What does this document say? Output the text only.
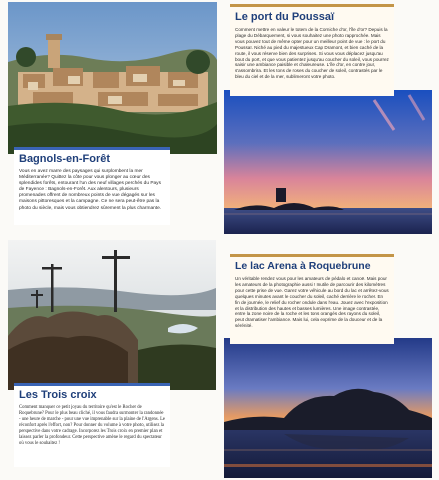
Bagnols-en-Forêt

Vous en avez marre des paysages qui surplombent la mer Méditerranée? Quittez la côte pour vous plonger au cœur des splendides forêts, entourant l'un des neuf villages perchés du Pays de Fayence : Bagnols-en-Forêt. Aux alentours, plusieurs promenades offrent de nombreux points de vue dégagés sur les maisons pittoresques et la campagne. Ce ne sera peut-être pas la photo du siècle, mais vous obtiendrez sûrement la plus charmante.

Le port du Poussaï

Comment mettre en valeur le totem de la Corniche d'or, l'île d'or? Depuis la plage du Débarquement, si vous souhaitez une photo rapprochée. Mais vous pouvez tout de même opter pour un meilleur point de vue : le port du Poussaï. Niché au pied du majestueux Cap Dramont, et bien caché de la route, il vous réserve bien des surprises. Si vous vous déplacez jusqu'au bout du port, et que vous patientez jusqu'au coucher du soleil, vous pourrez saisir une ambiance paisible et chaleureuse. L'île d'or, en contre jour, s'assombrira. Et les tons de roses du coucher de soleil, contrastés par le bleu du ciel et de la mer, sublimeront votre photo.

Les Trois croix

Comment manquer ce petit joyau du territoire qu'est le Rocher de Roquebrune? Pour le plus beau cliché, il vous faudra surmonter la randonnée - une heure de marche - pour une vue imprenable sur la plaine de l'Argens. Le réconfort après l'effort, non? Pour donner du volume à votre photo, utilisez la perspective dans votre cadrage. Incorporez les Trois croix en premier plan et laissez parler la profondeur. Cette perspective amène le regard du spectateur où vous le souhaitez !

Le lac Arena à Roquebrune

Un véritable rendez vous pour les amateurs de pédalo et canoë. Mais pour les amateurs de la photographie aussi ! Inutile de parcourir des kilomètres pour cette prise de vue. Garez votre véhicule au bord du lac et arrêtez-vous quelques minutes avant le coucher du soleil, caché derrière le rocher. En fin de journée, le relief du rocher ondule dans l'eau. Jouez avec l'exposition et la distribution des hautes et basses lumières. Une image contrastée, entre la zone noire de la roche et les tons orangés des rayons du soleil, peut dramatiser l'ambiance. Mais lui, cela exprime de la douceur et de la sérénité.
